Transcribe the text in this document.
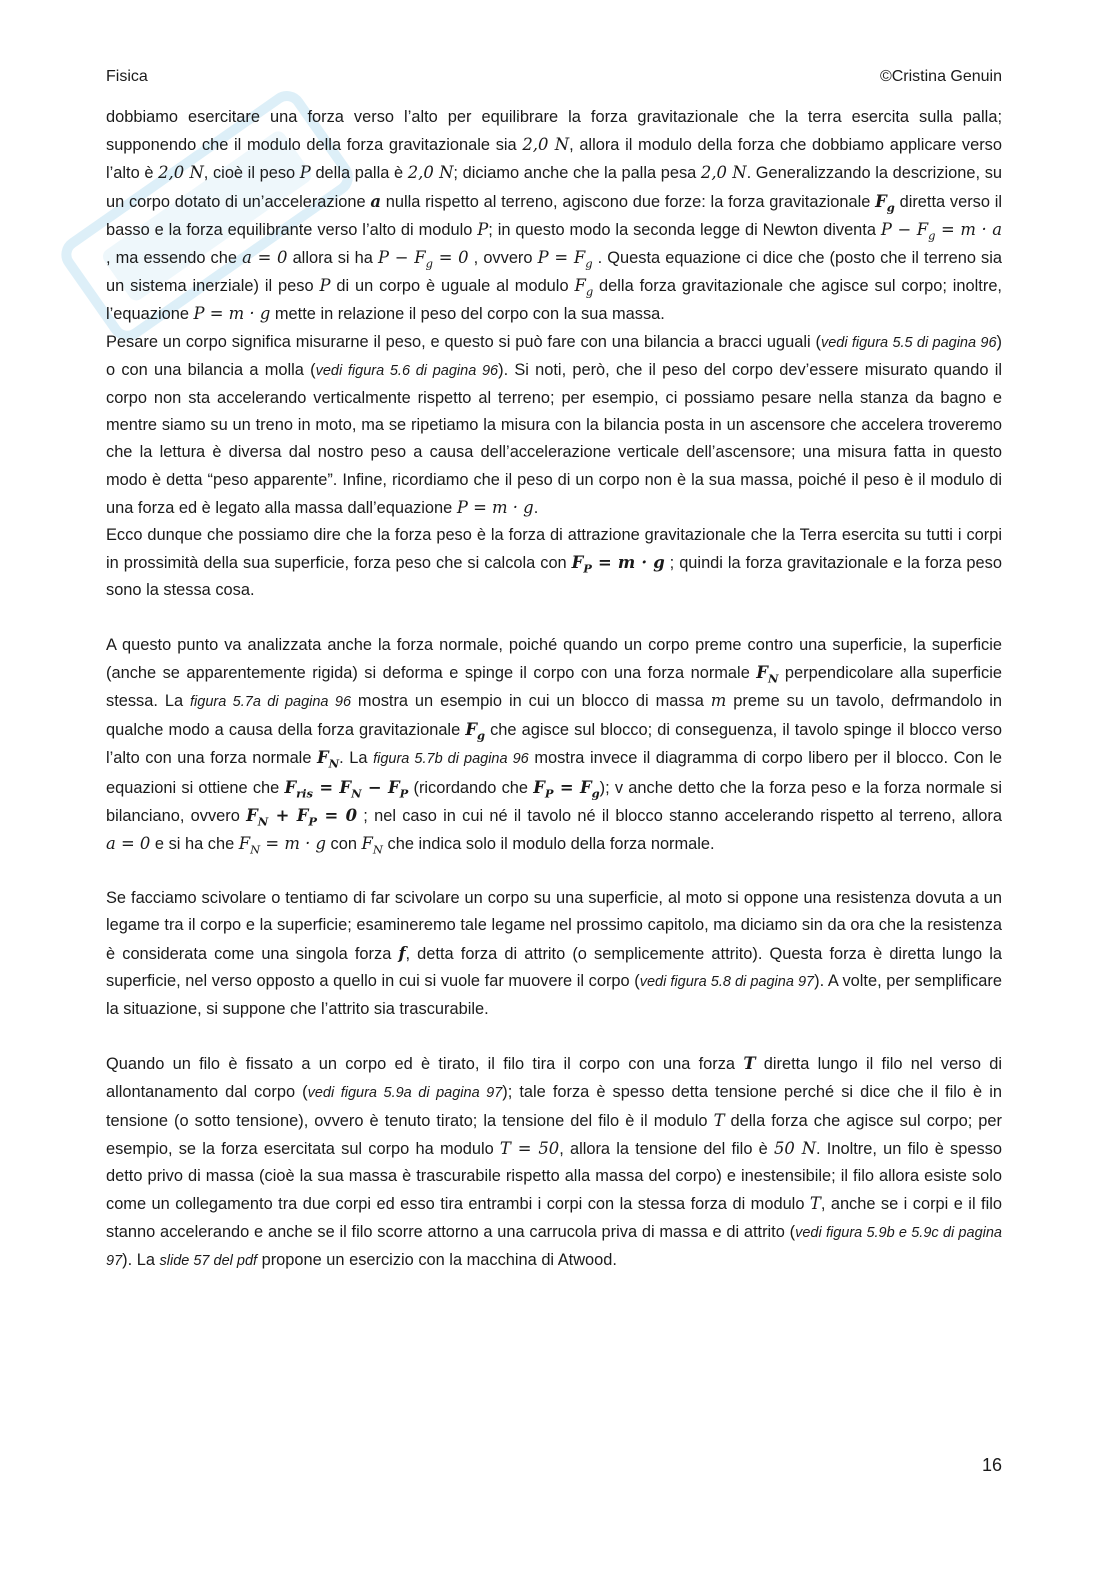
Fisica	©Cristina Genuin

dobbiamo esercitare una forza verso l’alto per equilibrare la forza gravitazionale che la terra esercita sulla palla; supponendo che il modulo della forza gravitazionale sia 2,0 N, allora il modulo della forza che dobbiamo applicare verso l’alto è 2,0 N, cioè il peso P della palla è 2,0 N; diciamo anche che la palla pesa 2,0 N. Generalizzando la descrizione, su un corpo dotato di un’accelerazione a nulla rispetto al terreno, agiscono due forze: la forza gravitazionale $F_g$ diretta verso il basso e la forza equilibrante verso l’alto di modulo P; in questo modo la seconda legge di Newton diventa $P - F_g = m \cdot a$ , ma essendo che a = 0 allora si ha $P - F_g = 0$ , ovvero $P = F_g$ . Questa equazione ci dice che (posto che il terreno sia un sistema inerziale) il peso P di un corpo è uguale al modulo $F_g$ della forza gravitazionale che agisce sul corpo; inoltre, l’equazione P = m · g mette in relazione il peso del corpo con la sua massa.

Pesare un corpo significa misurarne il peso, e questo si può fare con una bilancia a bracci uguali (vedi figura 5.5 di pagina 96) o con una bilancia a molla (vedi figura 5.6 di pagina 96). Si noti, però, che il peso del corpo dev’essere misurato quando il corpo non sta accelerando verticalmente rispetto al terreno; per esempio, ci possiamo pesare nella stanza da bagno e mentre siamo su un treno in moto, ma se ripetiamo la misura con la bilancia posta in un ascensore che accelera troveremo che la lettura è diversa dal nostro peso a causa dell’accelerazione verticale dell’ascensore; una misura fatta in questo modo è detta “peso apparente”. Infine, ricordiamo che il peso di un corpo non è la sua massa, poiché il peso è il modulo di una forza ed è legato alla massa dall’equazione P = m · g.

Ecco dunque che possiamo dire che la forza peso è la forza di attrazione gravitazionale che la Terra esercita su tutti i corpi in prossimità della sua superficie, forza peso che si calcola con $F_P = m \cdot g$ ; quindi la forza gravitazionale e la forza peso sono la stessa cosa.

A questo punto va analizzata anche la forza normale, poiché quando un corpo preme contro una superficie, la superficie (anche se apparentemente rigida) si deforma e spinge il corpo con una forza normale $F_N$ perpendicolare alla superficie stessa. La figura 5.7a di pagina 96 mostra un esempio in cui un blocco di massa m preme su un tavolo, defrmandolo in qualche modo a causa della forza gravitazionale $F_g$ che agisce sul blocco; di conseguenza, il tavolo spinge il blocco verso l’alto con una forza normale $F_N$. La figura 5.7b di pagina 96 mostra invece il diagramma di corpo libero per il blocco. Con le equazioni si ottiene che $F_{ris} = F_N - F_P$ (ricordando che $F_P = F_g$); v anche detto che la forza peso e la forza normale si bilanciano, ovvero $F_N + F_P = 0$ ; nel caso in cui né il tavolo né il blocco stanno accelerando rispetto al terreno, allora a = 0 e si ha che $F_N = m \cdot g$ con $F_N$ che indica solo il modulo della forza normale.

Se facciamo scivolare o tentiamo di far scivolare un corpo su una superficie, al moto si oppone una resistenza dovuta a un legame tra il corpo e la superficie; esamineremo tale legame nel prossimo capitolo, ma diciamo sin da ora che la resistenza è considerata come una singola forza f, detta forza di attrito (o semplicemente attrito). Questa forza è diretta lungo la superficie, nel verso opposto a quello in cui si vuole far muovere il corpo (vedi figura 5.8 di pagina 97). A volte, per semplificare la situazione, si suppone che l’attrito sia trascurabile.

Quando un filo è fissato a un corpo ed è tirato, il filo tira il corpo con una forza T diretta lungo il filo nel verso di allontanamento dal corpo (vedi figura 5.9a di pagina 97); tale forza è spesso detta tensione perché si dice che il filo è in tensione (o sotto tensione), ovvero è tenuto tirato; la tensione del filo è il modulo T della forza che agisce sul corpo; per esempio, se la forza esercitata sul corpo ha modulo T = 50, allora la tensione del filo è 50 N. Inoltre, un filo è spesso detto privo di massa (cioè la sua massa è trascurabile rispetto alla massa del corpo) e inestensibile; il filo allora esiste solo come un collegamento tra due corpi ed esso tira entrambi i corpi con la stessa forza di modulo T, anche se i corpi e il filo stanno accelerando e anche se il filo scorre attorno a una carrucola priva di massa e di attrito (vedi figura 5.9b e 5.9c di pagina 97). La slide 57 del pdf propone un esercizio con la macchina di Atwood.

16
